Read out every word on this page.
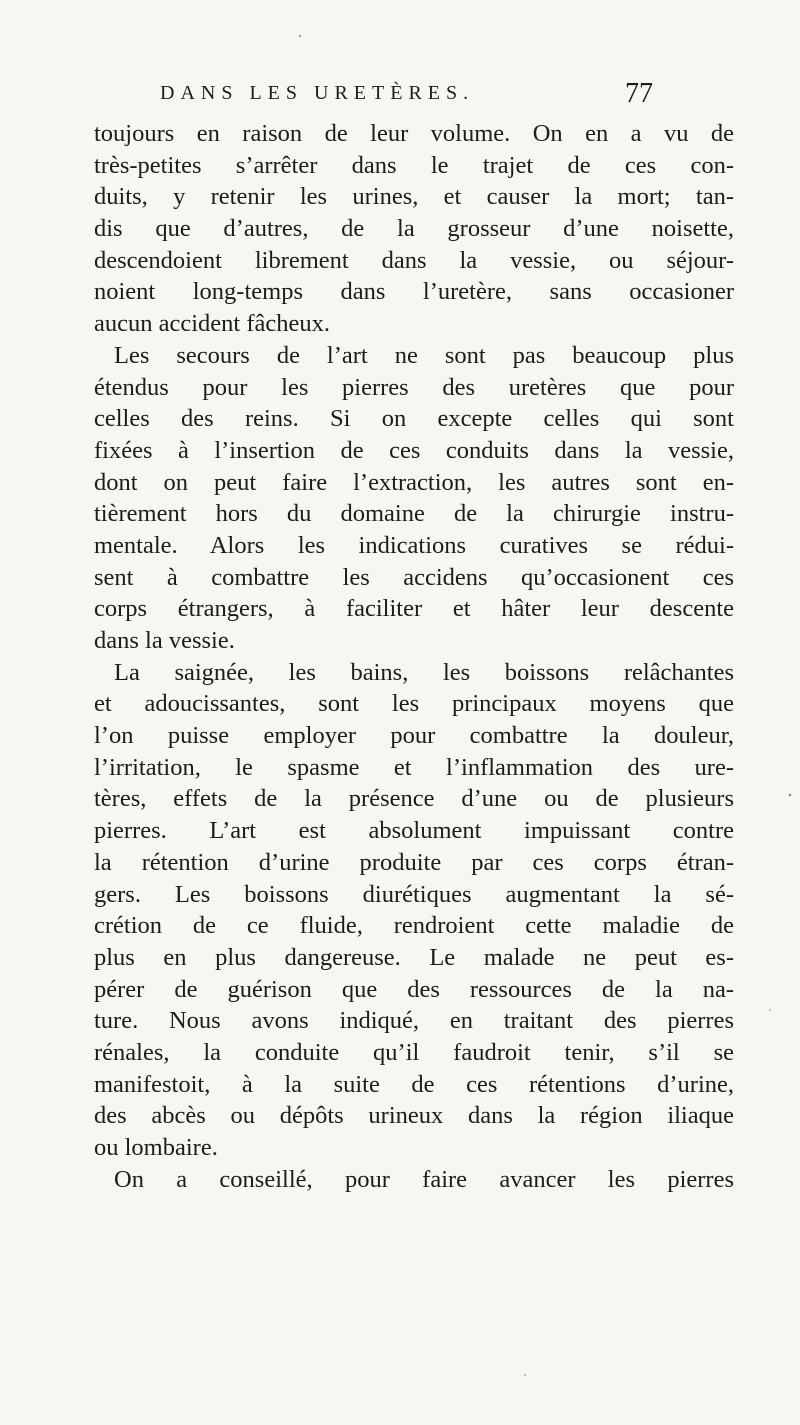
DANS LES URETÈRES.	77
toujours en raison de leur volume. On en a vu de
très-petites s’arrêter dans le trajet de ces con-
duits, y retenir les urines, et causer la mort; tan-
dis que d’autres, de la grosseur d’une noisette,
descendoient librement dans la vessie, ou séjour-
noient long-temps dans l’uretère, sans occasioner
aucun accident fâcheux.
Les secours de l’art ne sont pas beaucoup plus
étendus pour les pierres des uretères que pour
celles des reins. Si on excepte celles qui sont
fixées à l’insertion de ces conduits dans la vessie,
dont on peut faire l’extraction, les autres sont en-
tièrement hors du domaine de la chirurgie instru-
mentale. Alors les indications curatives se rédui-
sent à combattre les accidens qu’occasionent ces
corps étrangers, à faciliter et hâter leur descente
dans la vessie.
La saignée, les bains, les boissons relâchantes
et adoucissantes, sont les principaux moyens que
l’on puisse employer pour combattre la douleur,
l’irritation, le spasme et l’inflammation des ure-
tères, effets de la présence d’une ou de plusieurs
pierres. L’art est absolument impuissant contre
la rétention d’urine produite par ces corps étran-
gers. Les boissons diurétiques augmentant la sé-
crétion de ce fluide, rendroient cette maladie de
plus en plus dangereuse. Le malade ne peut es-
pérer de guérison que des ressources de la na-
ture. Nous avons indiqué, en traitant des pierres
rénales, la conduite qu’il faudroit tenir, s’il se
manifestoit, à la suite de ces rétentions d’urine,
des abcès ou dépôts urineux dans la région iliaque
ou lombaire.
On a conseillé, pour faire avancer les pierres
